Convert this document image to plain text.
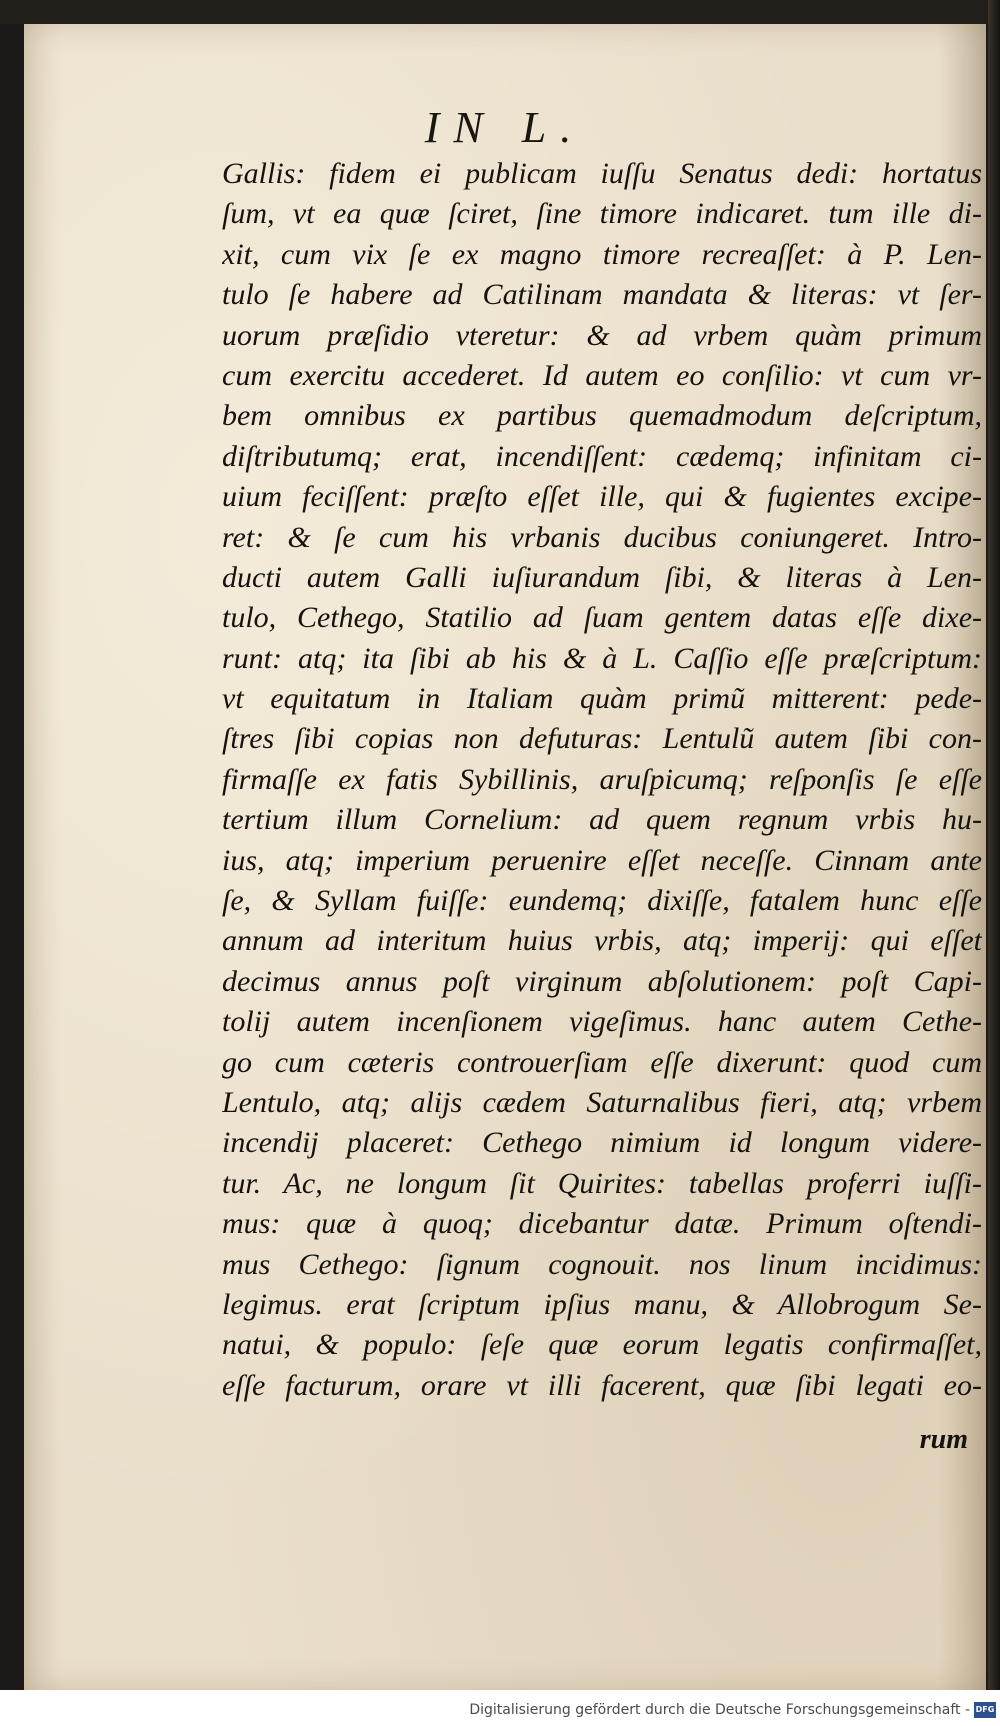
IN L.
Gallis: fidem ei publicam iuſſu Senatus dedi: hortatus
ſum, vt ea quæ ſciret, ſine timore indicaret. tum ille di-
xit, cum vix ſe ex magno timore recreaſſet: à P. Len-
tulo ſe habere ad Catilinam mandata & literas: vt ſer-
uorum præſidio vteretur: & ad vrbem quàm primum
cum exercitu accederet. Id autem eo conſilio: vt cum vr-
bem omnibus ex partibus quemadmodum deſcriptum,
diſtributumq; erat, incendiſſent: cædemq; infinitam ci-
uium feciſſent: præſto eſſet ille, qui & fugientes excipe-
ret: & ſe cum his vrbanis ducibus coniungeret. Intro-
ducti autem Galli iuſiurandum ſibi, & literas à Len-
tulo, Cethego, Statilio ad ſuam gentem datas eſſe dixe-
runt: atq; ita ſibi ab his & à L. Caſſio eſſe præſcriptum:
vt equitatum in Italiam quàm primũ mitterent: pede-
ſtres ſibi copias non defuturas: Lentulũ autem ſibi con-
firmaſſe ex fatis Sybillinis, aruſpicumq; reſponſis ſe eſſe
tertium illum Cornelium: ad quem regnum vrbis hu-
ius, atq; imperium peruenire eſſet neceſſe. Cinnam ante
ſe, & Syllam fuiſſe: eundemq; dixiſſe, fatalem hunc eſſe
annum ad interitum huius vrbis, atq; imperij: qui eſſet
decimus annus poſt virginum abſolutionem: poſt Capi-
tolij autem incenſionem vigeſimus. hanc autem Cethe-
go cum cæteris controuerſiam eſſe dixerunt: quod cum
Lentulo, atq; alijs cædem Saturnalibus fieri, atq; vrbem
incendij placeret: Cethego nimium id longum videre-
tur. Ac, ne longum ſit Quirites: tabellas proferri iuſſi-
mus: quæ à quoq; dicebantur datæ. Primum oſtendi-
mus Cethego: ſignum cognouit. nos linum incidimus:
legimus. erat ſcriptum ipſius manu, & Allobrogum Se-
natui, & populo: ſeſe quæ eorum legatis confirmaſſet,
eſſe facturum, orare vt illi facerent, quæ ſibi legati eo-
rum
Digitalisierung gefördert durch die Deutsche Forschungsgemeinschaft - DFG
